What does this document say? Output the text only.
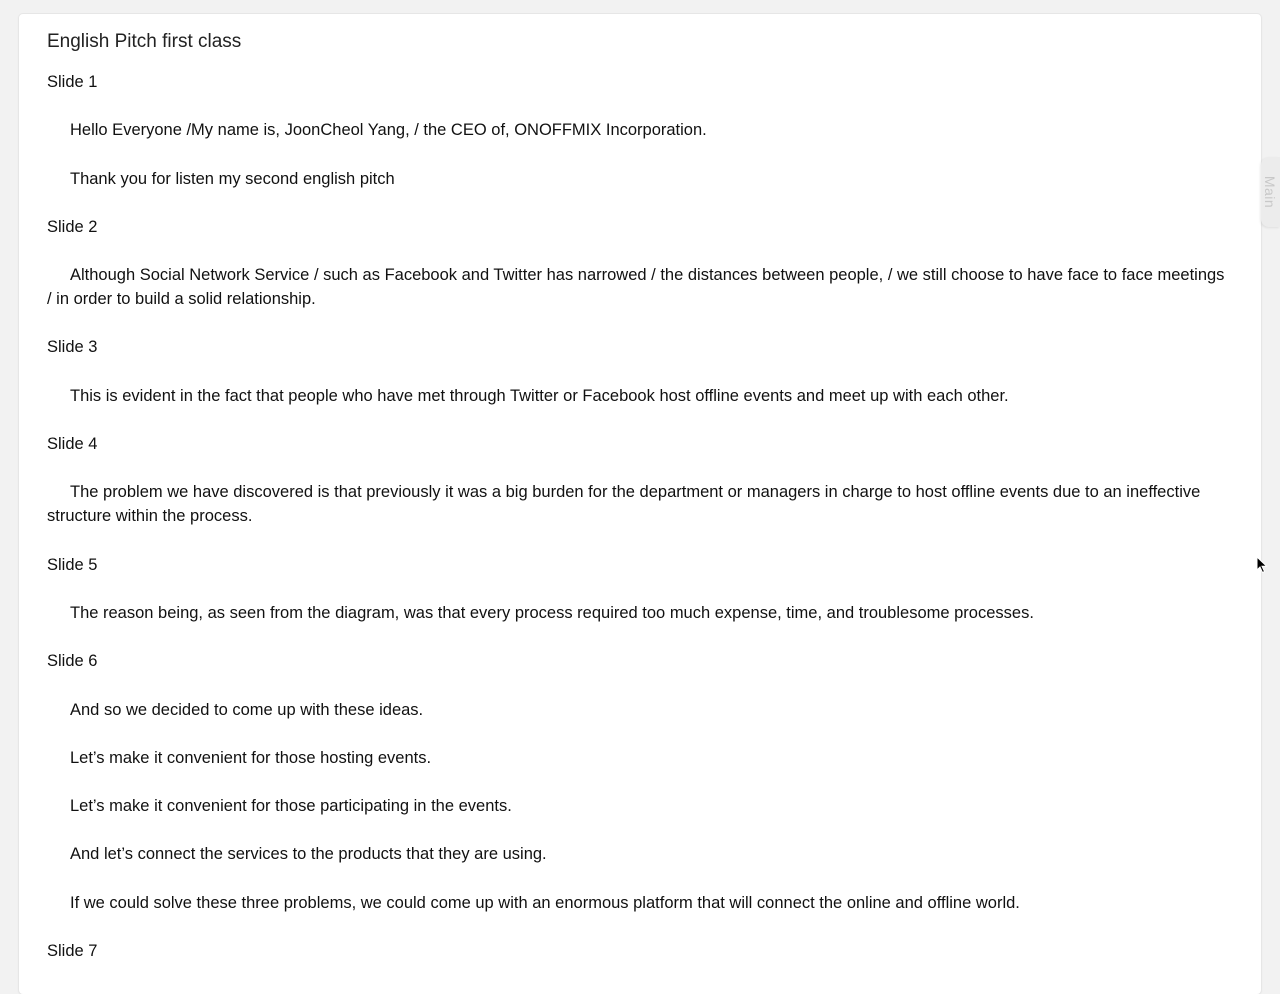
English Pitch first class
Slide 1
Hello Everyone /My name is, JoonCheol Yang, / the CEO of, ONOFFMIX Incorporation.
Thank you for listen my second english pitch
Slide 2
Although Social Network Service / such as Facebook and Twitter has narrowed / the distances between people, / we still choose to have face to face meetings / in order to build a solid relationship.
Slide 3
This is evident in the fact that people who have met through Twitter or Facebook host offline events and meet up with each other.
Slide 4
The problem we have discovered is that previously it was a big burden for the department or managers in charge to host offline events due to an ineffective structure within the process.
Slide 5
The reason being, as seen from the diagram, was that every process required too much expense, time, and troublesome processes.
Slide 6
And so we decided to come up with these ideas.
Let’s make it convenient for those hosting events.
Let’s make it convenient for those participating in the events.
And let’s connect the services to the products that they are using.
If we could solve these three problems, we could come up with an enormous platform that will connect the online and offline world.
Slide 7
Main
